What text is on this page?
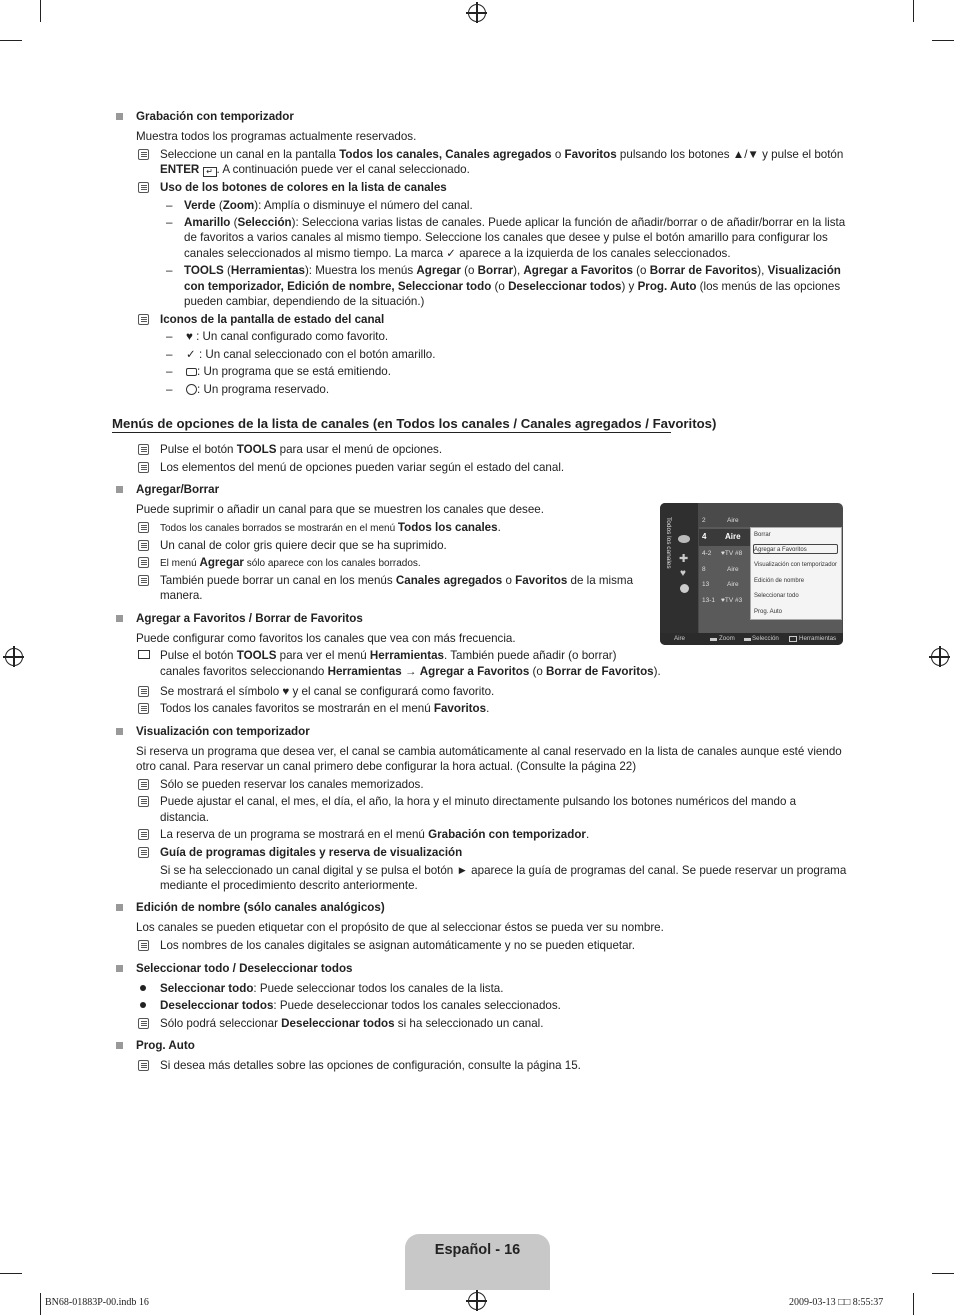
Grabación con temporizador
Muestra todos los programas actualmente reservados.
Seleccione un canal en la pantalla Todos los canales, Canales agregados o Favoritos pulsando los botones ▲/▼ y pulse el botón
ENTER ↵ . A continuación puede ver el canal seleccionado.
Uso de los botones de colores en la lista de canales
– Verde (Zoom): Amplía o disminuye el número del canal.
– Amarillo (Selección): Selecciona varias listas de canales. Puede aplicar la función de añadir/borrar o de añadir/borrar en la lista
de favoritos a varios canales al mismo tiempo. Seleccione los canales que desee y pulse el botón amarillo para configurar los
canales seleccionados al mismo tiempo. La marca ✓ aparece a la izquierda de los canales seleccionados.
– TOOLS (Herramientas): Muestra los menús Agregar (o Borrar), Agregar a Favoritos (o Borrar de Favoritos), Visualización
con temporizador, Edición de nombre, Seleccionar todo (o Deseleccionar todos) y Prog. Auto (los menús de las opciones
pueden cambiar, dependiendo de la situación.)
Iconos de la pantalla de estado del canal
– ♥ : Un canal configurado como favorito.
– ✓ : Un canal seleccionado con el botón amarillo.
–	: Un programa que se está emitiendo.
–	: Un programa reservado.
Menús de opciones de la lista de canales (en Todos los canales / Canales agregados / Favoritos)
Pulse el botón TOOLS para usar el menú de opciones.
Los elementos del menú de opciones pueden variar según el estado del canal.
Agregar/Borrar
Puede suprimir o añadir un canal para que se muestren los canales que desee.
Todos los canales borrados se mostrarán en el menú Todos los canales.
Un canal de color gris quiere decir que se ha suprimido.
El menú Agregar sólo aparece con los canales borrados.
También puede borrar un canal en los menús Canales agregados o Favoritos de la misma
manera.
Todos los canales ✚
♥
2	Aire
4 Aire
4-2 ♥TV #8
8	Aire
13	Aire
13-1 ♥TV #3
Borrar
Agregar a Favoritos
Visualización con temporizador
Edición de nombre
Seleccionar todo
Prog. Auto
Aire	Zoom	Selección	Herramientas
Agregar a Favoritos / Borrar de Favoritos
Puede configurar como favoritos los canales que vea con más frecuencia.
Pulse el botón TOOLS para ver el menú Herramientas. También puede añadir (o borrar)
canales favoritos seleccionando Herramientas → Agregar a Favoritos (o Borrar de Favoritos).
Se mostrará el símbolo ♥ y el canal se configurará como favorito.
Todos los canales favoritos se mostrarán en el menú Favoritos.
Visualización con temporizador
Si reserva un programa que desea ver, el canal se cambia automáticamente al canal reservado en la lista de canales aunque esté viendo
otro canal. Para reservar un canal primero debe configurar la hora actual. (Consulte la página 22)
Sólo se pueden reservar los canales memorizados.
Puede ajustar el canal, el mes, el día, el año, la hora y el minuto directamente pulsando los botones numéricos del mando a
distancia.
La reserva de un programa se mostrará en el menú Grabación con temporizador.
Guía de programas digitales y reserva de visualización
Si se ha seleccionado un canal digital y se pulsa el botón ► aparece la guía de programas del canal. Se puede reservar un programa
mediante el procedimiento descrito anteriormente.
Edición de nombre (sólo canales analógicos)
Los canales se pueden etiquetar con el propósito de que al seleccionar éstos se pueda ver su nombre.
Los nombres de los canales digitales se asignan automáticamente y no se pueden etiquetar.
Seleccionar todo / Deseleccionar todos
Seleccionar todo: Puede seleccionar todos los canales de la lista.
Deseleccionar todos: Puede deseleccionar todos los canales seleccionados.
Sólo podrá seleccionar Deseleccionar todos si ha seleccionado un canal.
Prog. Auto
Si desea más detalles sobre las opciones de configuración, consulte la página 15.
Español - 16
BN68-01883P-00.indb 16	2009-03-13 □□ 8:55:37
